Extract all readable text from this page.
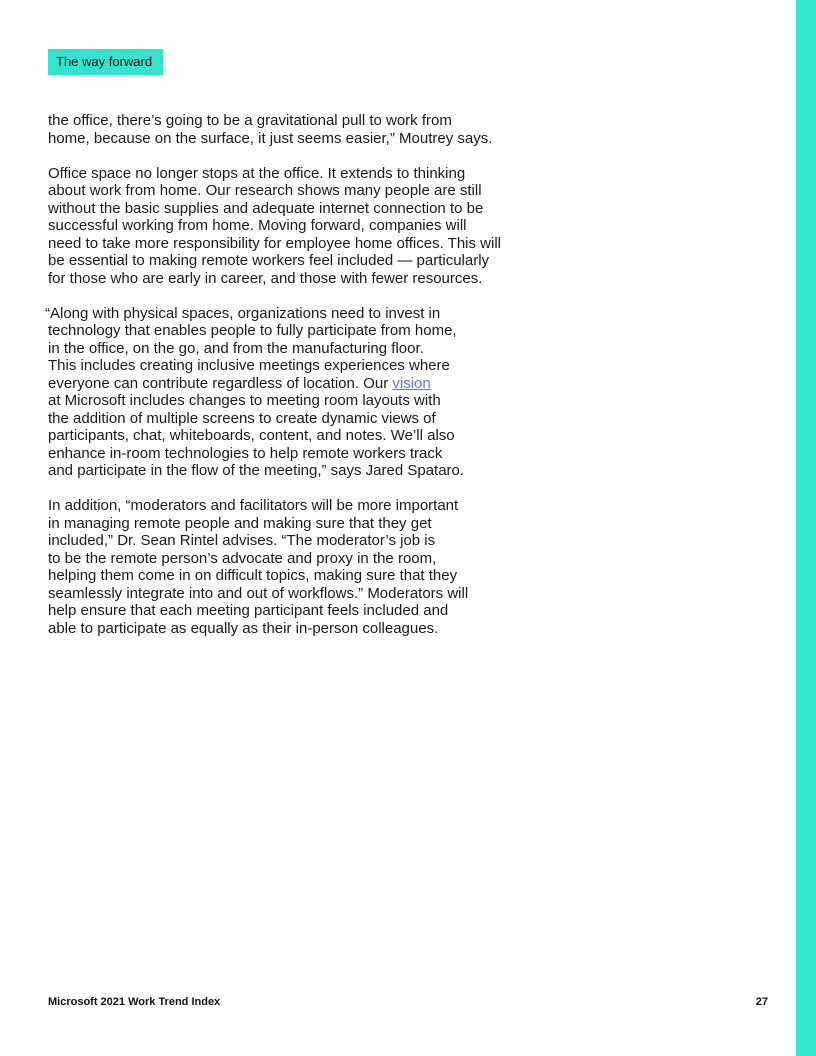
The way forward
the office, there’s going to be a gravitational pull to work from
home, because on the surface, it just seems easier,” Moutrey says.
Office space no longer stops at the office. It extends to thinking
about work from home. Our research shows many people are still
without the basic supplies and adequate internet connection to be
successful working from home. Moving forward, companies will
need to take more responsibility for employee home offices. This will
be essential to making remote workers feel included — particularly
for those who are early in career, and those with fewer resources.
“Along with physical spaces, organizations need to invest in
technology that enables people to fully participate from home,
in the office, on the go, and from the manufacturing floor.
This includes creating inclusive meetings experiences where
everyone can contribute regardless of location. Our vision
at Microsoft includes changes to meeting room layouts with
the addition of multiple screens to create dynamic views of
participants, chat, whiteboards, content, and notes. We’ll also
enhance in-room technologies to help remote workers track
and participate in the flow of the meeting,” says Jared Spataro.
In addition, “moderators and facilitators will be more important
in managing remote people and making sure that they get
included,” Dr. Sean Rintel advises. “The moderator’s job is
to be the remote person’s advocate and proxy in the room,
helping them come in on difficult topics, making sure that they
seamlessly integrate into and out of workflows.” Moderators will
help ensure that each meeting participant feels included and
able to participate as equally as their in-person colleagues.
Microsoft 2021 Work Trend Index	27
